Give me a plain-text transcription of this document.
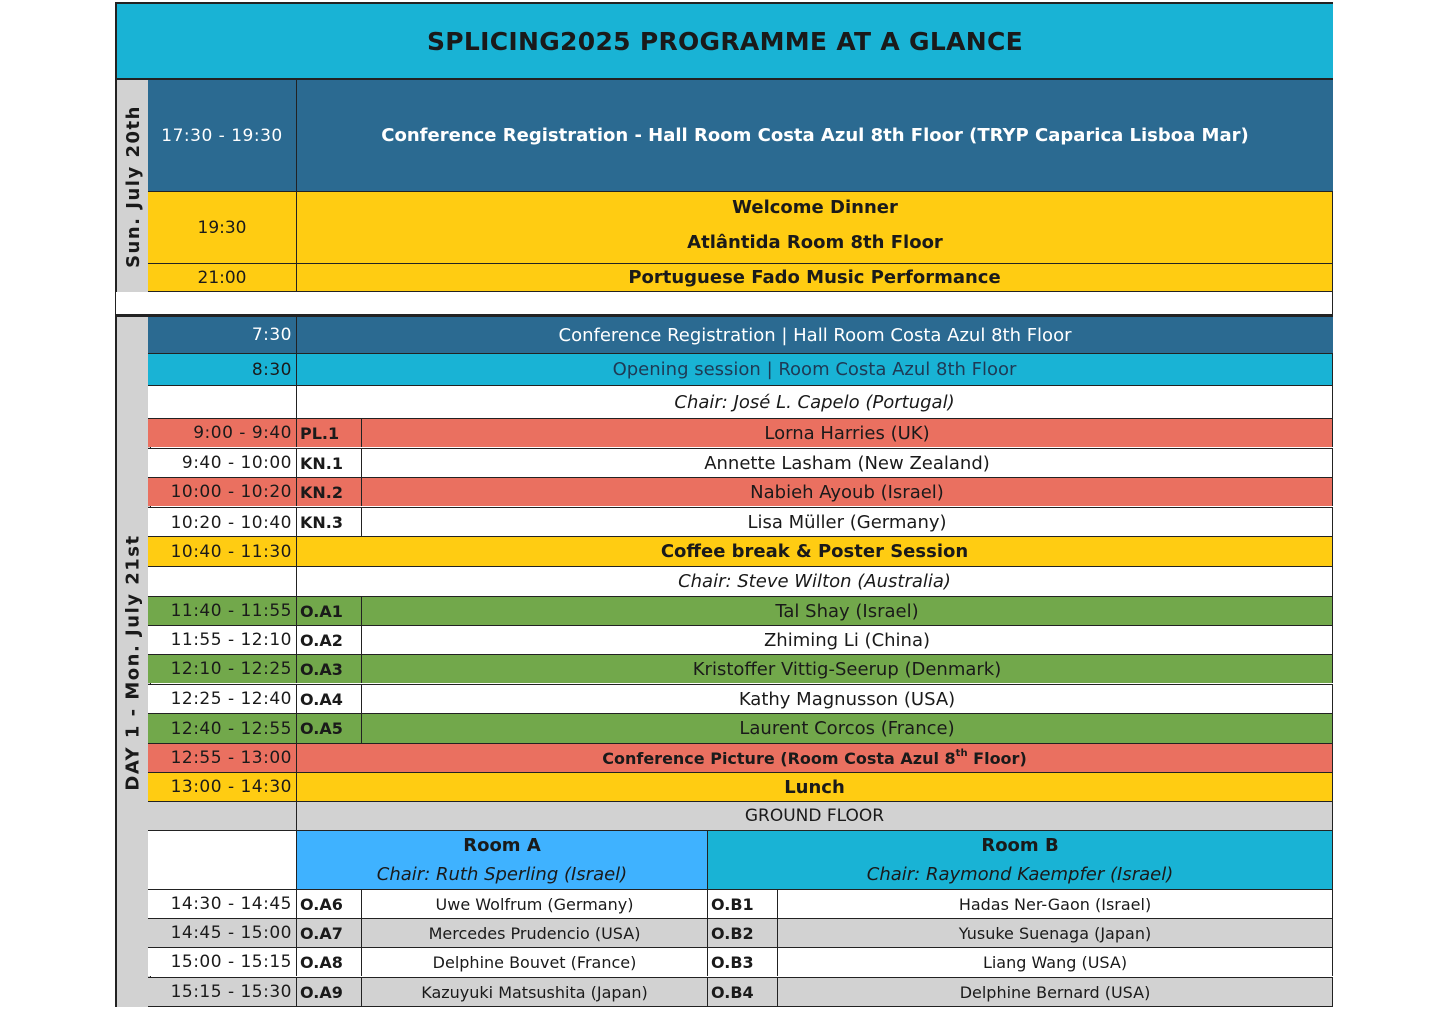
SPLICING2025 PROGRAMME AT A GLANCE
Sun. July 20th	17:30 - 19:30	Conference Registration - Hall Room Costa Azul 8th Floor (TRYP Caparica Lisboa Mar)
19:30
Welcome Dinner
Atlântida Room 8th Floor
21:00	Portuguese Fado Music Performance
DAY 1 - Mon. July 21st
7:30	Conference Registration | Hall Room Costa Azul 8th Floor
8:30	Opening session | Room Costa Azul 8th Floor
Chair: José L. Capelo (Portugal)
9:00 - 9:40 PL.1	Lorna Harries (UK)
9:40 - 10:00 KN.1	Annette Lasham (New Zealand)
10:00 - 10:20 KN.2	Nabieh Ayoub (Israel)
10:20 - 10:40 KN.3	Lisa Müller (Germany)
10:40 - 11:30	Coffee break & Poster Session
Chair: Steve Wilton (Australia)
11:40 - 11:55 O.A1	Tal Shay (Israel)
11:55 - 12:10 O.A2	Zhiming Li (China)
12:10 - 12:25 O.A3	Kristoffer Vittig-Seerup (Denmark)
12:25 - 12:40 O.A4	Kathy Magnusson (USA)
12:40 - 12:55 O.A5	Laurent Corcos (France)
12:55 - 13:00	Conference Picture (Room Costa Azul 8th Floor)
13:00 - 14:30	Lunch
GROUND FLOOR
Room A
Chair: Ruth Sperling (Israel)
Room B
Chair: Raymond Kaempfer (Israel)
14:30 - 14:45 O.A6	Uwe Wolfrum (Germany)	O.B1	Hadas Ner-Gaon (Israel)
14:45 - 15:00 O.A7	Mercedes Prudencio (USA)	O.B2	Yusuke Suenaga (Japan)
15:00 - 15:15 O.A8	Delphine Bouvet (France)	O.B3	Liang Wang (USA)
15:15 - 15:30 O.A9	Kazuyuki Matsushita (Japan)	O.B4	Delphine Bernard (USA)
